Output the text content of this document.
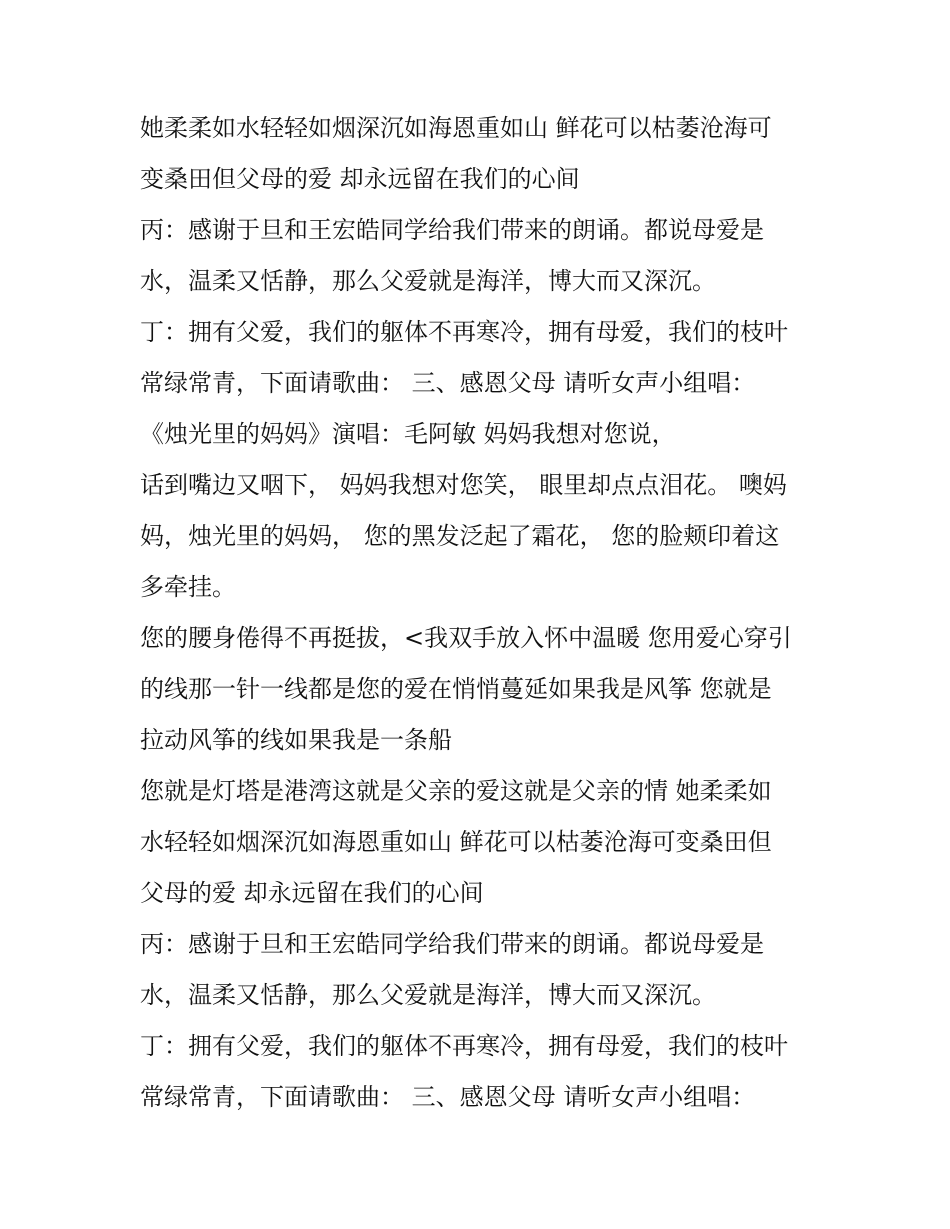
她柔柔如水轻轻如烟深沉如海恩重如山 鲜花可以枯萎沧海可
变桑田但父母的爱 却永远留在我们的心间
丙：感谢于旦和王宏皓同学给我们带来的朗诵。都说母爱是
水，温柔又恬静，那么父爱就是海洋，博大而又深沉。
丁：拥有父爱，我们的躯体不再寒冷，拥有母爱，我们的枝叶
常绿常青，下面请歌曲： 三、感恩父母 请听女声小组唱：
《烛光里的妈妈》演唱：毛阿敏 妈妈我想对您说，
话到嘴边又咽下， 妈妈我想对您笑， 眼里却点点泪花。 噢妈
妈，烛光里的妈妈， 您的黑发泛起了霜花， 您的脸颊印着这
多牵挂。
您的腰身倦得不再挺拔，<我双手放入怀中温暖 您用爱心穿引
的线那一针一线都是您的爱在悄悄蔓延如果我是风筝 您就是
拉动风筝的线如果我是一条船
您就是灯塔是港湾这就是父亲的爱这就是父亲的情 她柔柔如
水轻轻如烟深沉如海恩重如山 鲜花可以枯萎沧海可变桑田但
父母的爱 却永远留在我们的心间
丙：感谢于旦和王宏皓同学给我们带来的朗诵。都说母爱是
水，温柔又恬静，那么父爱就是海洋，博大而又深沉。
丁：拥有父爱，我们的躯体不再寒冷，拥有母爱，我们的枝叶
常绿常青，下面请歌曲： 三、感恩父母 请听女声小组唱：
